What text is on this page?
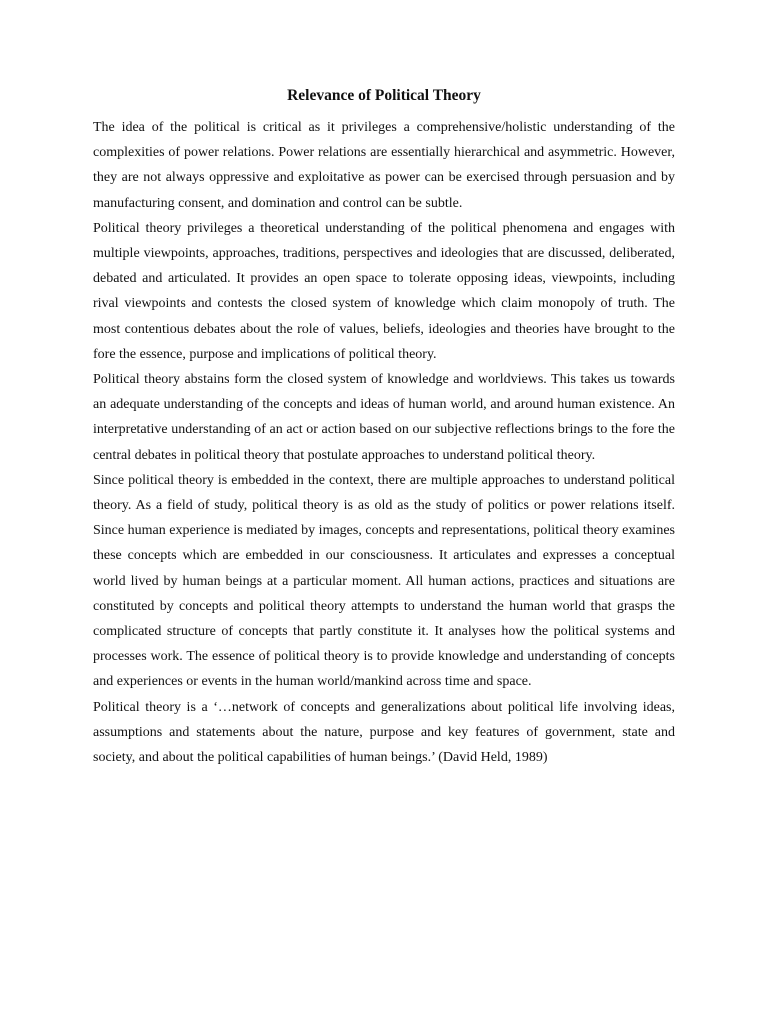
Relevance of Political Theory

The idea of the political is critical as it privileges a comprehensive/holistic understanding of the complexities of power relations. Power relations are essentially hierarchical and asymmetric. However, they are not always oppressive and exploitative as power can be exercised through persuasion and by manufacturing consent, and domination and control can be subtle.

Political theory privileges a theoretical understanding of the political phenomena and engages with multiple viewpoints, approaches, traditions, perspectives and ideologies that are discussed, deliberated, debated and articulated. It provides an open space to tolerate opposing ideas, viewpoints, including rival viewpoints and contests the closed system of knowledge which claim monopoly of truth. The most contentious debates about the role of values, beliefs, ideologies and theories have brought to the fore the essence, purpose and implications of political theory.

Political theory abstains form the closed system of knowledge and worldviews. This takes us towards an adequate understanding of the concepts and ideas of human world, and around human existence. An interpretative understanding of an act or action based on our subjective reflections brings to the fore the central debates in political theory that postulate approaches to understand political theory.

Since political theory is embedded in the context, there are multiple approaches to understand political theory. As a field of study, political theory is as old as the study of politics or power relations itself. Since human experience is mediated by images, concepts and representations, political theory examines these concepts which are embedded in our consciousness. It articulates and expresses a conceptual world lived by human beings at a particular moment. All human actions, practices and situations are constituted by concepts and political theory attempts to understand the human world that grasps the complicated structure of concepts that partly constitute it. It analyses how the political systems and processes work. The essence of political theory is to provide knowledge and understanding of concepts and experiences or events in the human world/mankind across time and space.

Political theory is a ‘…network of concepts and generalizations about political life involving ideas, assumptions and statements about the nature, purpose and key features of government, state and society, and about the political capabilities of human beings.’ (David Held, 1989)
